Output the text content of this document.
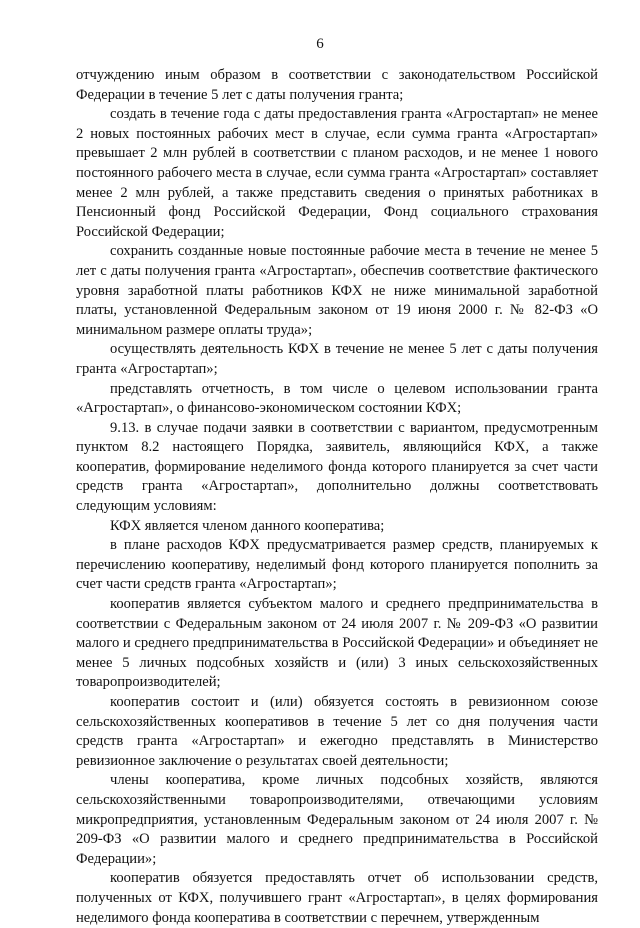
6

отчуждению иным образом в соответствии с законодательством Российской Федерации в течение 5 лет с даты получения гранта;

создать в течение года с даты предоставления гранта «Агростартап» не менее 2 новых постоянных рабочих мест в случае, если сумма гранта «Агростартап» превышает 2 млн рублей в соответствии с планом расходов, и не менее 1 нового постоянного рабочего места в случае, если сумма гранта «Агростартап» составляет менее 2 млн рублей, а также представить сведения о принятых работниках в Пенсионный фонд Российской Федерации, Фонд социального страхования Российской Федерации;

сохранить созданные новые постоянные рабочие места в течение не менее 5 лет с даты получения гранта «Агростартап», обеспечив соответствие фактического уровня заработной платы работников КФХ не ниже минимальной заработной платы, установленной Федеральным законом от 19 июня 2000 г. № 82-ФЗ «О минимальном размере оплаты труда»;

осуществлять деятельность КФХ в течение не менее 5 лет с даты получения гранта «Агростартап»;

представлять отчетность, в том числе о целевом использовании гранта «Агростартап», о финансово-экономическом состоянии КФХ;

9.13. в случае подачи заявки в соответствии с вариантом, предусмотренным пунктом 8.2 настоящего Порядка, заявитель, являющийся КФХ, а также кооператив, формирование неделимого фонда которого планируется за счет части средств гранта «Агростартап», дополнительно должны соответствовать следующим условиям:

КФХ является членом данного кооператива;

в плане расходов КФХ предусматривается размер средств, планируемых к перечислению кооперативу, неделимый фонд которого планируется пополнить за счет части средств гранта «Агростартап»;

кооператив является субъектом малого и среднего предпринимательства в соответствии с Федеральным законом от 24 июля 2007 г. № 209-ФЗ «О развитии малого и среднего предпринимательства в Российской Федерации» и объединяет не менее 5 личных подсобных хозяйств и (или) 3 иных сельскохозяйственных товаропроизводителей;

кооператив состоит и (или) обязуется состоять в ревизионном союзе сельскохозяйственных кооперативов в течение 5 лет со дня получения части средств гранта «Агростартап» и ежегодно представлять в Министерство ревизионное заключение о результатах своей деятельности;

члены кооператива, кроме личных подсобных хозяйств, являются сельскохозяйственными товаропроизводителями, отвечающими условиям микропредприятия, установленным Федеральным законом от 24 июля 2007 г. № 209-ФЗ «О развитии малого и среднего предпринимательства в Российской Федерации»;

кооператив обязуется предоставлять отчет об использовании средств, полученных от КФХ, получившего грант «Агростартап», в целях формирования неделимого фонда кооператива в соответствии с перечнем, утвержденным
